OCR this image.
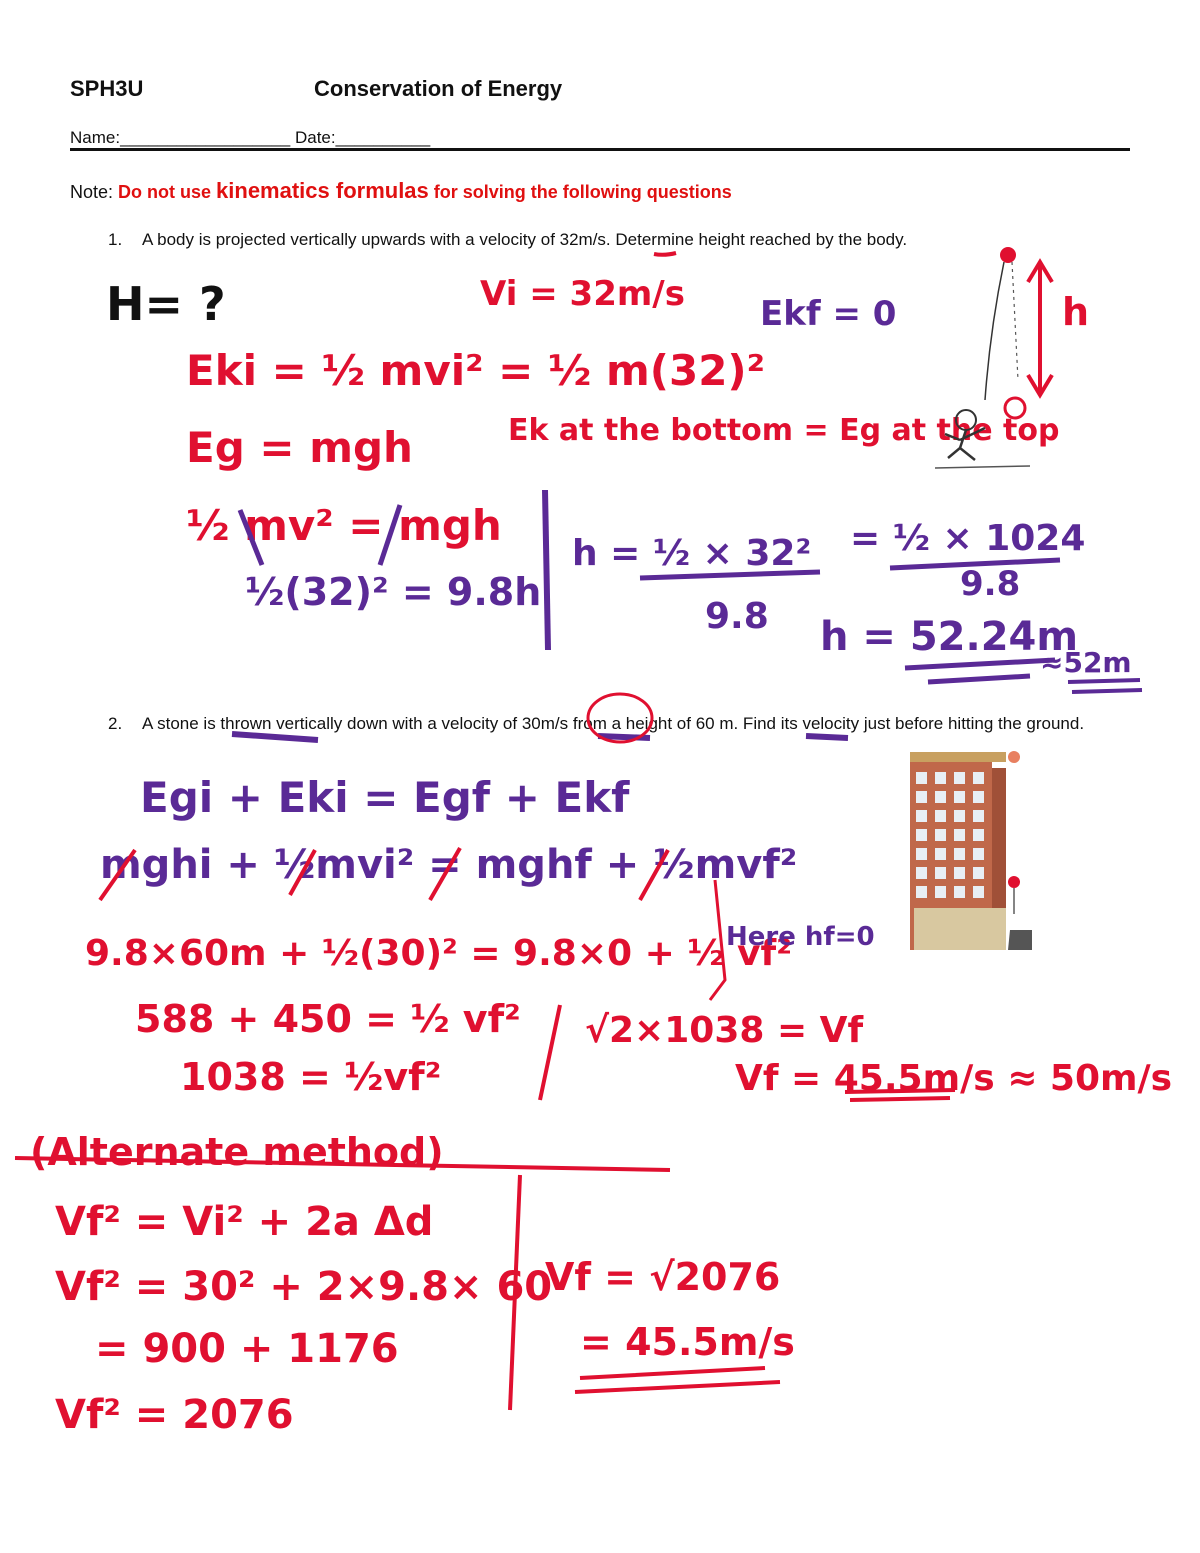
SPH3U	Conservation of Energy
Name:__________________ Date:__________
Note: Do not use kinematics formulas for solving the following questions
1. A body is projected vertically upwards with a velocity of 32m/s. Determine height reached by the body.
2. A stone is thrown vertically down with a velocity of 30m/s from a height of 60 m. Find its velocity just before hitting the ground.
H= ?	Vi = 32m/s Ekf = 0
Eki = ½ mvi² = ½ m(32)²
Eg = mgh	Ek at the bottom = Eg at the top
½ mv² = mgh
½(32)² = 9.8h
h = ½ × 32²
9.8
= ½ × 1024
9.8
h = 52.24m
≈52m
h
Egi + Eki = Egf + Ekf
mghi + ½mvi² = mghf + ½mvf²
9.8×60m + ½(30)² = 9.8×0 + ½ vf²
Here hf=0
588 + 450 = ½ vf²
1038 = ½vf²
√2×1038 = Vf
Vf = 45.5m/s ≈ 50m/s
(Alternate method)
Vf² = Vi² + 2a Δd
Vf² = 30² + 2×9.8× 60
= 900 + 1176
Vf² = 2076
Vf = √2076
= 45.5m/s
